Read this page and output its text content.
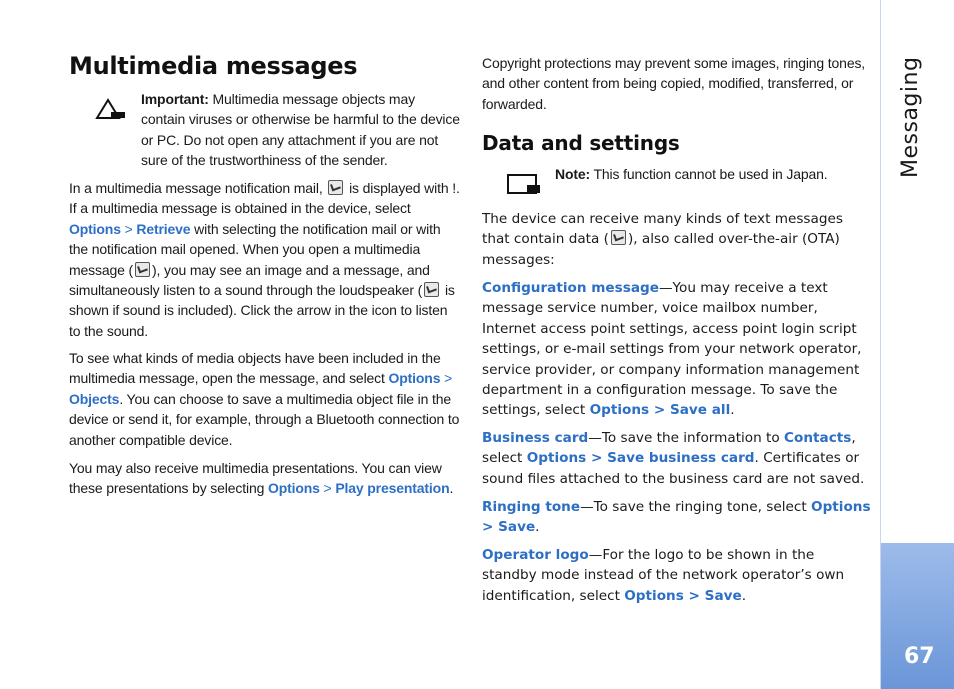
Multimedia messages

Important: Multimedia message objects may contain viruses or otherwise be harmful to the device or PC. Do not open any attachment if you are not sure of the trustworthiness of the sender.

In a multimedia message notification mail,  is displayed with !. If a multimedia message is obtained in the device, select Options > Retrieve with selecting the notification mail or with the notification mail opened. When you open a multimedia message ( ), you may see an image and a message, and simultaneously listen to a sound through the loudspeaker ( is shown if sound is included). Click the arrow in the icon to listen to the sound.

To see what kinds of media objects have been included in the multimedia message, open the message, and select Options > Objects. You can choose to save a multimedia object file in the device or send it, for example, through a Bluetooth connection to another compatible device.

You may also receive multimedia presentations. You can view these presentations by selecting Options > Play presentation.

Copyright protections may prevent some images, ringing tones, and other content from being copied, modified, transferred, or forwarded.

Data and settings

Note: This function cannot be used in Japan.

The device can receive many kinds of text messages that contain data ( ), also called over-the-air (OTA) messages:

Configuration message—You may receive a text message service number, voice mailbox number, Internet access point settings, access point login script settings, or e-mail settings from your network operator, service provider, or company information management department in a configuration message. To save the settings, select Options > Save all.

Business card—To save the information to Contacts, select Options > Save business card. Certificates or sound files attached to the business card are not saved.

Ringing tone—To save the ringing tone, select Options > Save.

Operator logo—For the logo to be shown in the standby mode instead of the network operator’s own identification, select Options > Save.

Messaging
67
